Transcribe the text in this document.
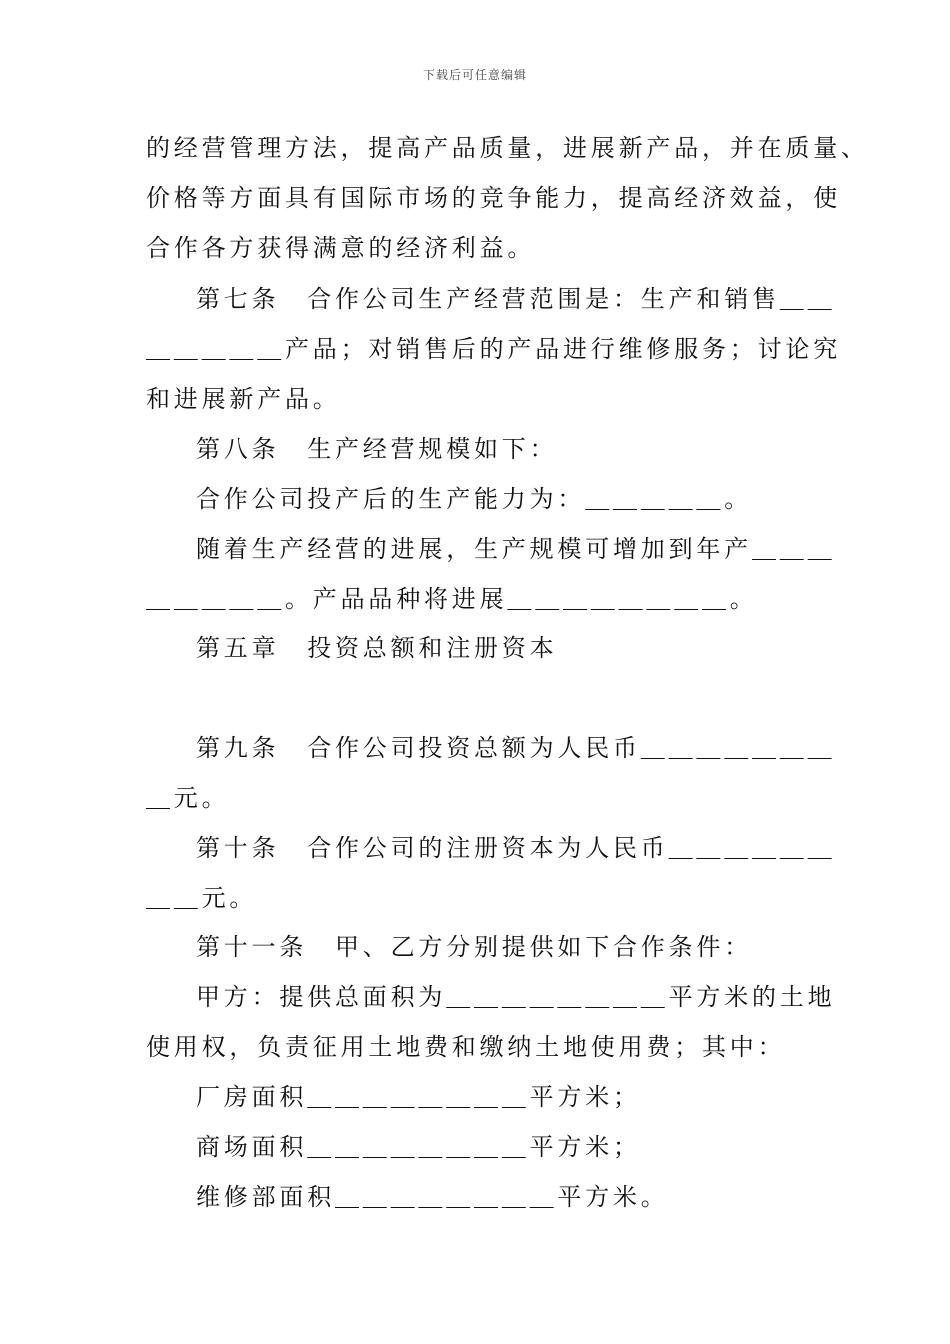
下载后可任意编辑
的经营管理方法，提高产品质量，进展新产品，并在质量、
价格等方面具有国际市场的竞争能力，提高经济效益，使
合作各方获得满意的经济利益。
第七条　合作公司生产经营范围是：生产和销售＿＿
＿＿＿＿＿产品；对销售后的产品进行维修服务；讨论究
和进展新产品。
第八条　生产经营规模如下：
合作公司投产后的生产能力为：＿＿＿＿＿。
随着生产经营的进展，生产规模可增加到年产＿＿＿
＿＿＿＿＿。产品品种将进展＿＿＿＿＿＿＿＿。
第五章　投资总额和注册资本
第九条　合作公司投资总额为人民币＿＿＿＿＿＿＿
＿元。
第十条　合作公司的注册资本为人民币＿＿＿＿＿＿
＿＿元。
第十一条　甲、乙方分别提供如下合作条件：
甲方：提供总面积为＿＿＿＿＿＿＿＿平方米的土地
使用权，负责征用土地费和缴纳土地使用费；其中：
厂房面积＿＿＿＿＿＿＿＿平方米；
商场面积＿＿＿＿＿＿＿＿平方米；
维修部面积＿＿＿＿＿＿＿＿平方米。
